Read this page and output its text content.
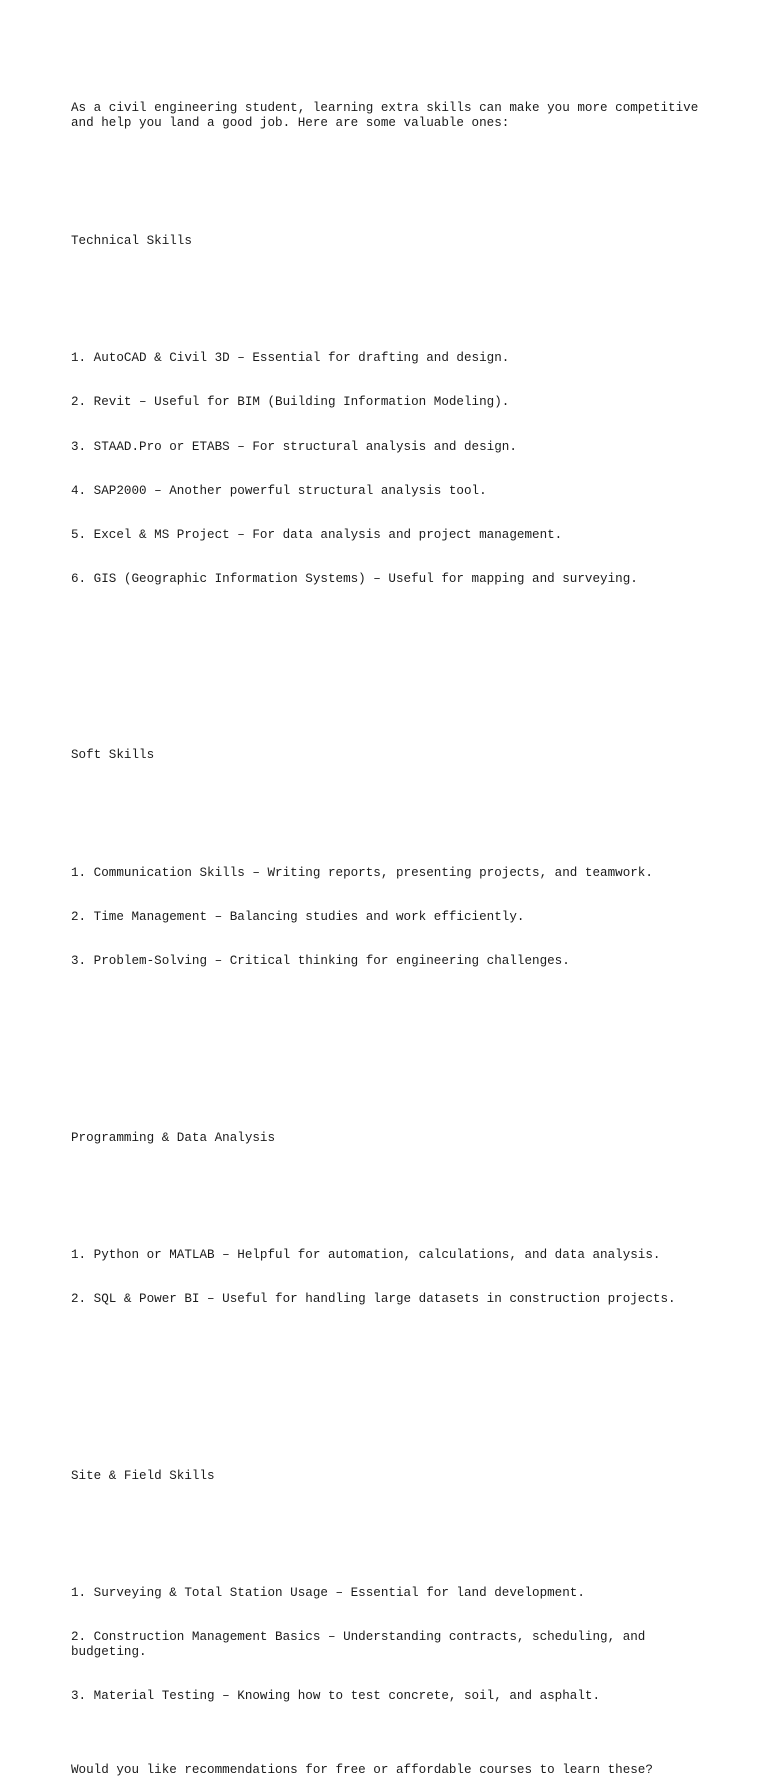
As a civil engineering student, learning extra skills can make you more competitive and help you land a good job. Here are some valuable ones:

Technical Skills

1. AutoCAD & Civil 3D – Essential for drafting and design.

2. Revit – Useful for BIM (Building Information Modeling).

3. STAAD.Pro or ETABS – For structural analysis and design.

4. SAP2000 – Another powerful structural analysis tool.

5. Excel & MS Project – For data analysis and project management.

6. GIS (Geographic Information Systems) – Useful for mapping and surveying.

Soft Skills

1. Communication Skills – Writing reports, presenting projects, and teamwork.

2. Time Management – Balancing studies and work efficiently.

3. Problem-Solving – Critical thinking for engineering challenges.

Programming & Data Analysis

1. Python or MATLAB – Helpful for automation, calculations, and data analysis.

2. SQL & Power BI – Useful for handling large datasets in construction projects.

Site & Field Skills

1. Surveying & Total Station Usage – Essential for land development.

2. Construction Management Basics – Understanding contracts, scheduling, and budgeting.

3. Material Testing – Knowing how to test concrete, soil, and asphalt.

Would you like recommendations for free or affordable courses to learn these?
